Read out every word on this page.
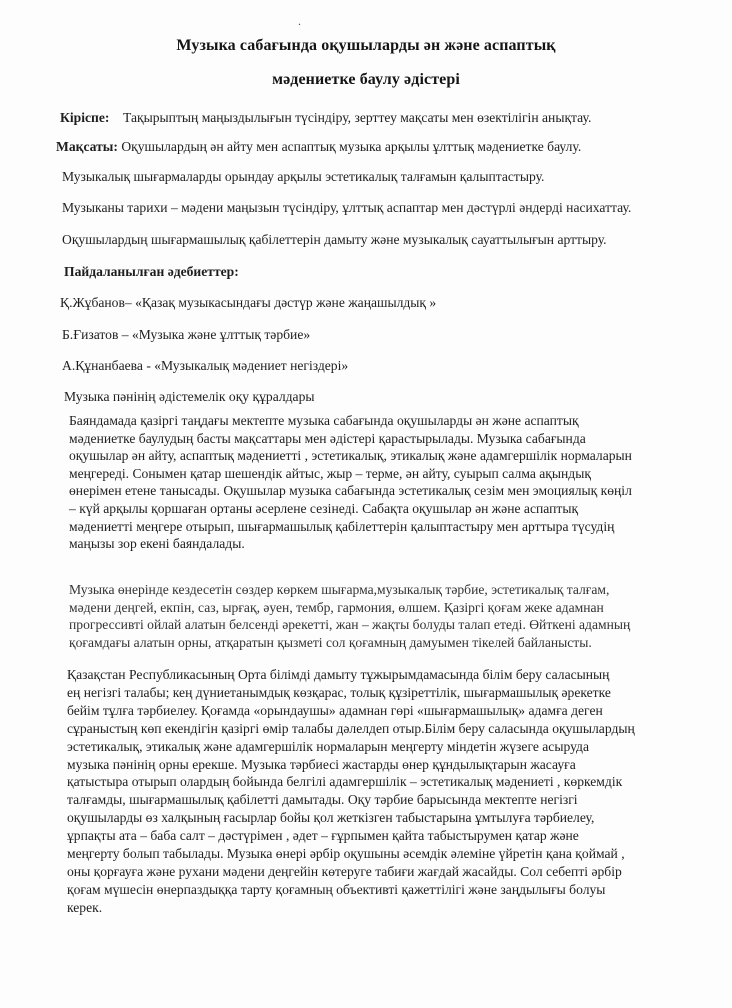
.
Музыка сабағында оқушыларды ән және аспаптық
мәдениетке баулу әдістері
Кіріспе: Тақырыптың маңыздылығын түсіндіру, зерттеу мақсаты мен өзектілігін анықтау.
Мақсаты: Оқушылардың ән айту мен аспаптық музыка арқылы ұлттық мәдениетке баулу.
Музыкалық шығармаларды орындау арқылы эстетикалық талғамын қалыптастыру.
Музыканы тарихи – мәдени маңызын түсіндіру, ұлттық аспаптар мен дәстүрлі әндерді насихаттау.
Оқушылардың шығармашылық қабілеттерін дамыту және музыкалық сауаттылығын арттыру.
Пайдаланылған әдебиеттер:
Қ.Жұбанов– «Қазақ музыкасындағы дәстүр және жаңашылдық »
Б.Ғизатов – «Музыка және ұлттық тәрбие»
А.Құнанбаева - «Музыкалық мәдениет негіздері»
Музыка пәнінің әдістемелік оқу құралдары
Баяндамада қазіргі таңдағы мектепте музыка сабағында оқушыларды ән және аспаптық
мәдениетке баулудың басты мақсаттары мен әдістері қарастырылады. Музыка сабағында
оқушылар ән айту, аспаптық мәдениетті , эстетикалық, этикалық және адамгершілік нормаларын
меңгереді. Сонымен қатар шешендік айтыс, жыр – терме, ән айту, суырып салма ақындық
өнерімен етене танысады. Оқушылар музыка сабағында эстетикалық сезім мен эмоциялық көңіл
– күй арқылы қоршаған ортаны әсерлене сезінеді. Сабақта оқушылар ән және аспаптық
мәдениетті меңгере отырып, шығармашылық қабілеттерін қалыптастыру мен арттыра түсудің
маңызы зор екені баяндалады.
Музыка өнерінде кездесетін сөздер көркем шығарма,музыкалық тәрбие, эстетикалық талғам,
мәдени деңгей, екпін, саз, ырғақ, әуен, тембр, гармония, өлшем. Қазіргі қоғам жеке адамнан
прогрессивті ойлай алатын белсенді әрекетті, жан – жақты болуды талап етеді. Өйткені адамның
қоғамдағы алатын орны, атқаратын қызметі сол қоғамның дамуымен тікелей байланысты.
Қазақстан Республикасының Орта білімді дамыту тұжырымдамасында білім беру саласының
ең негізгі талабы; кең дүниетанымдық көзқарас, толық құзіреттілік, шығармашылық әрекетке
бейім тұлға тәрбиелеу. Қоғамда «орындаушы» адамнан гөрі «шығармашылық» адамға деген
сұраныстың көп екендігін қазіргі өмір талабы дәлелдеп отыр.Білім беру саласында оқушылардың
эстетикалық, этикалық және адамгершілік нормаларын меңгерту міндетін жүзеге асыруда
музыка пәнінің орны ерекше. Музыка тәрбиесі жастарды өнер құндылықтарын жасауға
қатыстыра отырып олардың бойында белгілі адамгершілік – эстетикалық мәдениеті , көркемдік
талғамды, шығармашылық қабілетті дамытады. Оқу тәрбие барысында мектепте негізгі
оқушыларды өз халқының ғасырлар бойы қол жеткізген табыстарына ұмтылуға тәрбиелеу,
ұрпақты ата – баба салт – дәстүрімен , әдет – ғұрпымен қайта табыстырумен қатар және
меңгерту болып табылады. Музыка өнері әрбір оқушыны әсемдік әлеміне үйретін қана қоймай ,
оны қорғауға және рухани мәдени деңгейін көтеруге табиғи жағдай жасайды. Сол себепті әрбір
қоғам мүшесін өнерпаздыққа тарту қоғамның объективті қажеттілігі және заңдылығы болуы
керек.
